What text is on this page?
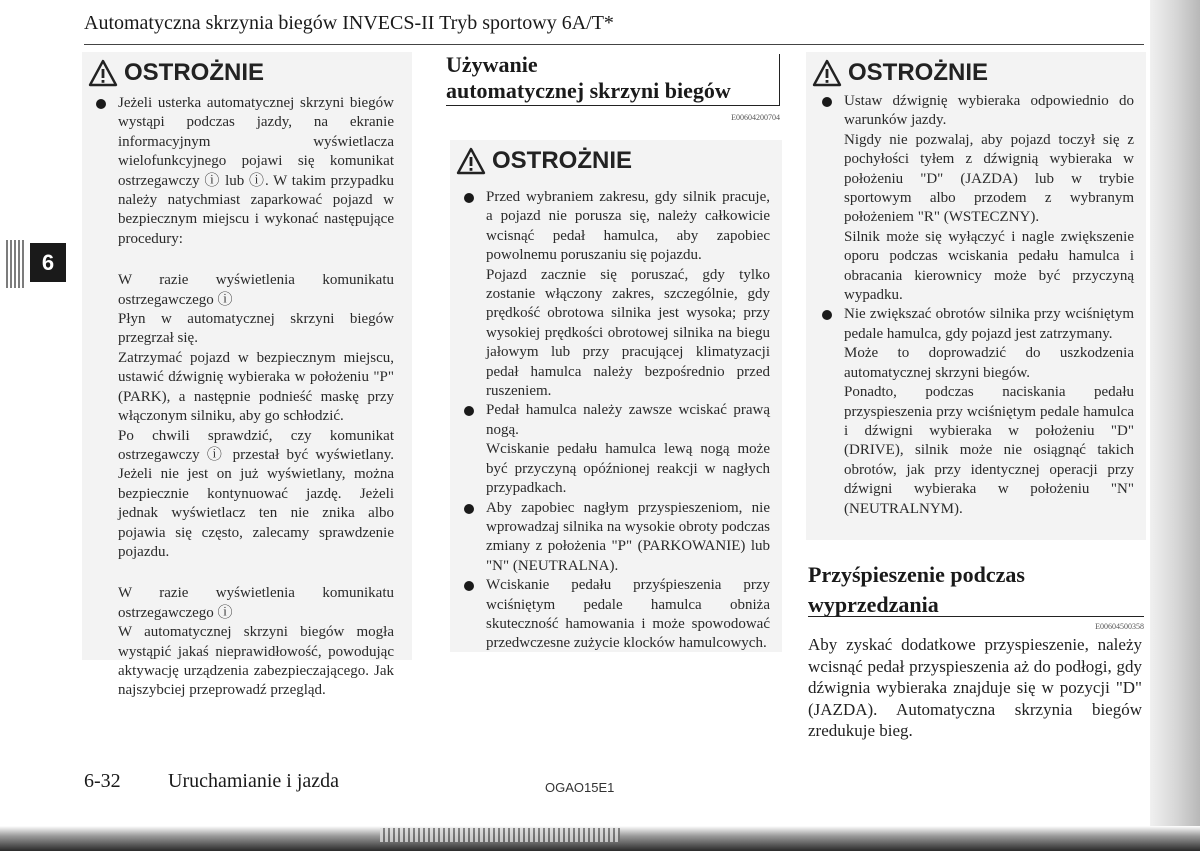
Automatyczna skrzynia biegów INVECS-II Tryb sportowy 6A/T*
6
OSTROŻNIE
Jeżeli usterka automatycznej skrzyni biegów wystąpi podczas jazdy, na ekranie informacyjnym wyświetlacza wielofunkcyjnego pojawi się komunikat ostrzegawczy ⓘ lub ⓘ. W takim przypadku należy natychmiast zaparkować pojazd w bezpiecznym miejscu i wykonać następujące procedury:
W razie wyświetlenia komunikatu ostrzegawczego ⓘ
Płyn w automatycznej skrzyni biegów przegrzał się.
Zatrzymać pojazd w bezpiecznym miejscu, ustawić dźwignię wybieraka w położeniu "P" (PARK), a następnie podnieść maskę przy włączonym silniku, aby go schłodzić.
Po chwili sprawdzić, czy komunikat ostrzegawczy ⓘ przestał być wyświetlany. Jeżeli nie jest on już wyświetlany, można bezpiecznie kontynuować jazdę. Jeżeli jednak wyświetlacz ten nie znika albo pojawia się często, zalecamy sprawdzenie pojazdu.
W razie wyświetlenia komunikatu ostrzegawczego ⓘ
W automatycznej skrzyni biegów mogła wystąpić jakaś nieprawidłowość, powodując aktywację urządzenia zabezpieczającego. Jak najszybciej przeprowadź przegląd.
Używanie
automatycznej skrzyni biegów
E00604200704
OSTROŻNIE
Przed wybraniem zakresu, gdy silnik pracuje, a pojazd nie porusza się, należy całkowicie wcisnąć pedał hamulca, aby zapobiec powolnemu poruszaniu się pojazdu.
Pojazd zacznie się poruszać, gdy tylko zostanie włączony zakres, szczególnie, gdy prędkość obrotowa silnika jest wysoka; przy wysokiej prędkości obrotowej silnika na biegu jałowym lub przy pracującej klimatyzacji pedał hamulca należy bezpośrednio przed ruszeniem.
Pedał hamulca należy zawsze wciskać prawą nogą.
Wciskanie pedału hamulca lewą nogą może być przyczyną opóźnionej reakcji w nagłych przypadkach.
Aby zapobiec nagłym przyspieszeniom, nie wprowadzaj silnika na wysokie obroty podczas zmiany z położenia "P" (PARKOWANIE) lub "N" (NEUTRALNA).
Wciskanie pedału przyśpieszenia przy wciśniętym pedale hamulca obniża skuteczność hamowania i może spowodować przedwczesne zużycie klocków hamulcowych.
OSTROŻNIE
Ustaw dźwignię wybieraka odpowiednio do warunków jazdy.
Nigdy nie pozwalaj, aby pojazd toczył się z pochyłości tyłem z dźwignią wybieraka w położeniu "D" (JAZDA) lub w trybie sportowym albo przodem z wybranym położeniem "R" (WSTECZNY).
Silnik może się wyłączyć i nagle zwiększenie oporu podczas wciskania pedału hamulca i obracania kierownicy może być przyczyną wypadku.
Nie zwiększać obrotów silnika przy wciśniętym pedale hamulca, gdy pojazd jest zatrzymany.
Może to doprowadzić do uszkodzenia automatycznej skrzyni biegów.
Ponadto, podczas naciskania pedału przyspieszenia przy wciśniętym pedale hamulca i dźwigni wybieraka w położeniu "D" (DRIVE), silnik może nie osiągnąć takich obrotów, jak przy identycznej operacji przy dźwigni wybieraka w położeniu "N" (NEUTRALNYM).
Przyśpieszenie podczas wyprzedzania
E00604500358
Aby zyskać dodatkowe przyspieszenie, należy wcisnąć pedał przyspieszenia aż do podłogi, gdy dźwignia wybieraka znajduje się w pozycji "D" (JAZDA). Automatyczna skrzynia biegów zredukuje bieg.
6-32 Uruchamianie i jazda	OGAO15E1
